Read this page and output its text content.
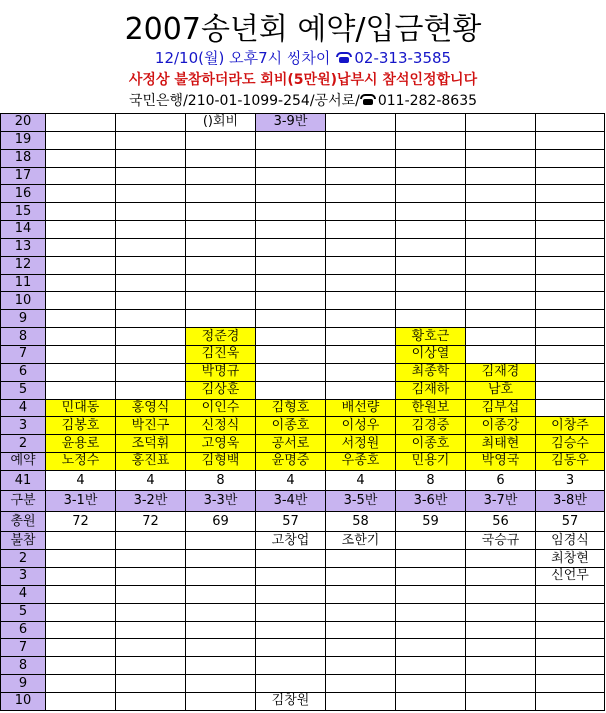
2007송년회 예약/입금현황
12/10(월) 오후7시 씽차이 02-313-3585
사정상 불참하더라도 회비(5만원)납부시 참석인정합니다
국민은행/210-01-1099-254/공서로/ 011-282-8635
20			()회비	3-9반				
19								
18								
17								
16								
15								
14								
13								
12								
11								
10								
9								
8			정준경			황호근		
7			김진욱			이상열		
6			박명규			최종학	김재경	
5			김상훈			김재하	남호	
4	민대동	홍영식	이인수	김형호	배선량	한원보	김부섭	
3	김봉호	박진구	신정식	이종호	이성우	김경중	이종강	이창주
2	윤용로	조덕휘	고영욱	공서로	서정원	이종호	최태현	김승수
예약	노정수	홍진표	김형백	윤명중	우종호	민용기	박영국	김동우
41	4	4	8	4	4	8	6	3
구분	3-1반	3-2반	3-3반	3-4반	3-5반	3-6반	3-7반	3-8반
총원	72	72	69	57	58	59	56	57
불참				고창업	조한기		국승규	임경식
2								최창현
3								신언무
4								
5								
6								
7								
8								
9								
10				김창원				
